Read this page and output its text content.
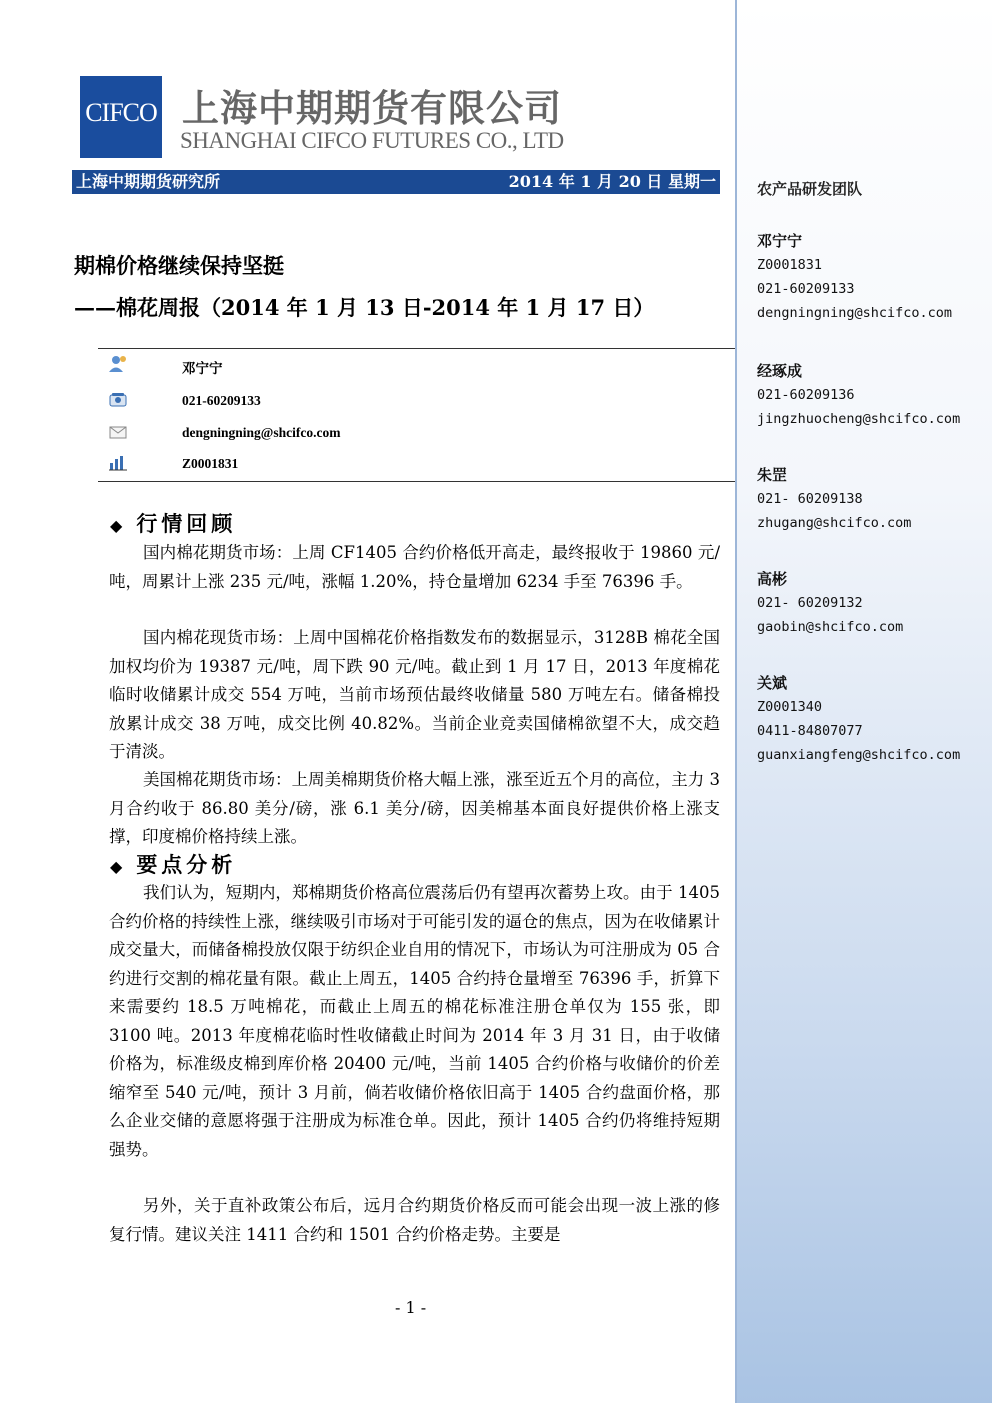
农产品研发团队
邓宁宁
Z0001831
021-60209133
dengningning@shcifco.com
经琢成
021-60209136
jingzhuocheng@shcifco.com
朱罡
021- 60209138
zhugang@shcifco.com
高彬
021- 60209132
gaobin@shcifco.com
关斌
Z0001340
0411-84807077
guanxiangfeng@shcifco.com
CIFCO 上海中期期货有限公司
SHANGHAI CIFCO FUTURES CO., LTD
上海中期期货研究所	2014 年 1 月 20 日 星期一
期棉价格继续保持坚挺
——棉花周报（2014 年 1 月 13 日-2014 年 1 月 17 日）
邓宁宁
021-60209133
dengningning@shcifco.com
Z0001831
◆ 行情回顾

国内棉花期货市场：上周 CF1405 合约价格低开高走，最终报收于 19860 元/吨，周累计上涨 235 元/吨，涨幅 1.20%，持仓量增加 6234 手至 76396 手。

国内棉花现货市场：上周中国棉花价格指数发布的数据显示，3128B 棉花全国加权均价为 19387 元/吨，周下跌 90 元/吨。截止到 1 月 17 日，2013 年度棉花临时收储累计成交 554 万吨，当前市场预估最终收储量 580 万吨左右。储备棉投放累计成交 38 万吨，成交比例 40.82%。当前企业竞卖国储棉欲望不大，成交趋于清淡。

美国棉花期货市场：上周美棉期货价格大幅上涨，涨至近五个月的高位，主力 3 月合约收于 86.80 美分/磅，涨 6.1 美分/磅，因美棉基本面良好提供价格上涨支撑，印度棉价格持续上涨。

◆ 要点分析

我们认为，短期内，郑棉期货价格高位震荡后仍有望再次蓄势上攻。由于 1405 合约价格的持续性上涨，继续吸引市场对于可能引发的逼仓的焦点，因为在收储累计成交量大，而储备棉投放仅限于纺织企业自用的情况下，市场认为可注册成为 05 合约进行交割的棉花量有限。截止上周五，1405 合约持仓量增至 76396 手，折算下来需要约 18.5 万吨棉花，而截止上周五的棉花标准注册仓单仅为 155 张，即 3100 吨。2013 年度棉花临时性收储截止时间为 2014 年 3 月 31 日，由于收储价格为，标准级皮棉到库价格 20400 元/吨，当前 1405 合约价格与收储价的价差缩窄至 540 元/吨，预计 3 月前，倘若收储价格依旧高于 1405 合约盘面价格，那么企业交储的意愿将强于注册成为标准仓单。因此，预计 1405 合约仍将维持短期强势。

另外，关于直补政策公布后，远月合约期货价格反而可能会出现一波上涨的修复行情。建议关注 1411 合约和 1501 合约价格走势。主要是

- 1 -
